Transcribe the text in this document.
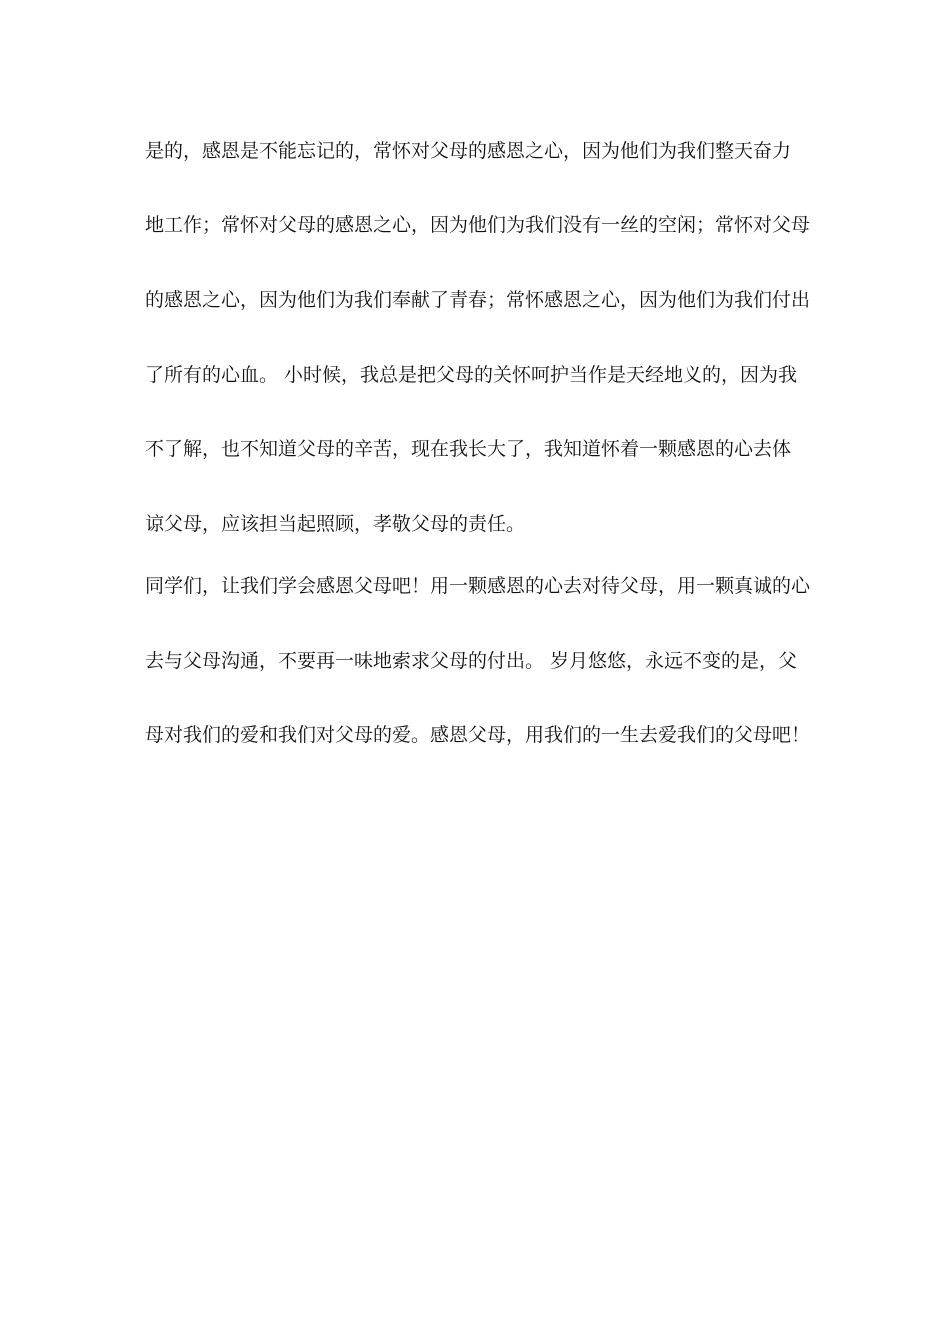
是的，感恩是不能忘记的，常怀对父母的感恩之心，因为他们为我们整天奋力
地工作；常怀对父母的感恩之心，因为他们为我们没有一丝的空闲；常怀对父母
的感恩之心，因为他们为我们奉献了青春；常怀感恩之心，因为他们为我们付出
了所有的心血。 小时候，我总是把父母的关怀呵护当作是天经地义的，因为我
不了解，也不知道父母的辛苦，现在我长大了，我知道怀着一颗感恩的心去体
谅父母，应该担当起照顾，孝敬父母的责任。
同学们，让我们学会感恩父母吧！用一颗感恩的心去对待父母，用一颗真诚的心
去与父母沟通，不要再一味地索求父母的付出。 岁月悠悠，永远不变的是，父
母对我们的爱和我们对父母的爱。感恩父母，用我们的一生去爱我们的父母吧！
